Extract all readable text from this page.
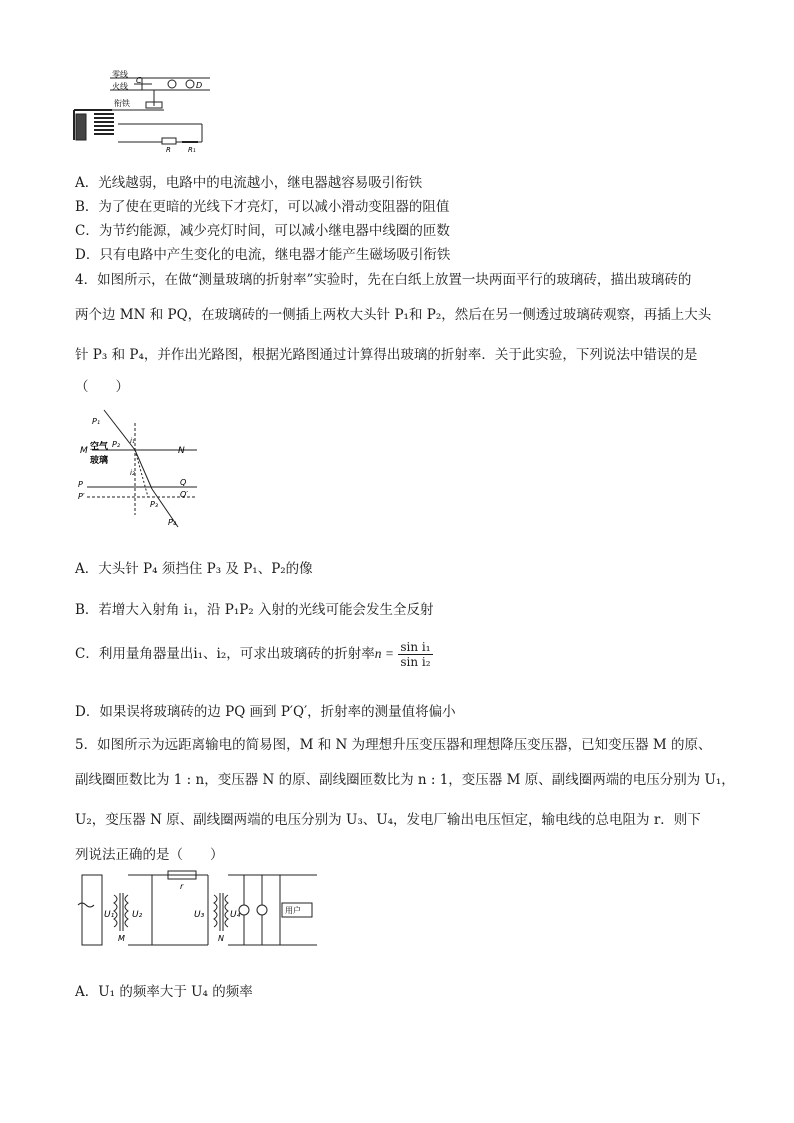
零线
火线
衔铁
C
D
R R₁
A．光线越弱，电路中的电流越小，继电器越容易吸引衔铁
B．为了使在更暗的光线下才亮灯，可以减小滑动变阻器的阻值
C．为节约能源，减少亮灯时间，可以减小继电器中线圈的匝数
D．只有电路中产生变化的电流，继电器才能产生磁场吸引衔铁
4．如图所示，在做“测量玻璃的折射率”实验时，先在白纸上放置一块两面平行的玻璃砖，描出玻璃砖的
两个边 MN 和 PQ，在玻璃砖的一侧插上两枚大头针 P₁和 P₂，然后在另一侧透过玻璃砖观察，再插上大头
针 P₃ 和 P₄，并作出光路图，根据光路图通过计算得出玻璃的折射率．关于此实验，下列说法中错误的是
（　　）
P₁
P₂
M	N
空气
玻璃
i₁
i₂
P
P′
Q
Q′
P₃
P₄
A．大头针 P₄ 须挡住 P₃ 及 P₁、P₂的像
B．若增大入射角 i₁，沿 P₁P₂ 入射的光线可能会发生全反射
C．利用量角器量出i₁、i₂，可求出玻璃砖的折射率$n = \frac{\text{sin i₁}}{\text{sin i₂}}$
D．如果误将玻璃砖的边 PQ 画到 P′Q′，折射率的测量值将偏小
5．如图所示为远距离输电的简易图，M 和 N 为理想升压变压器和理想降压变压器，已知变压器 M 的原、
副线圈匝数比为 1 : n，变压器 N 的原、副线圈匝数比为 n : 1，变压器 M 原、副线圈两端的电压分别为 U₁，
U₂，变压器 N 原、副线圈两端的电压分别为 U₃、U₄，发电厂输出电压恒定，输电线的总电阻为 r．则下
列说法正确的是（　　）
U₁ U₂	U₃	U₄
M	N
r
用户
A．U₁ 的频率大于 U₄ 的频率
